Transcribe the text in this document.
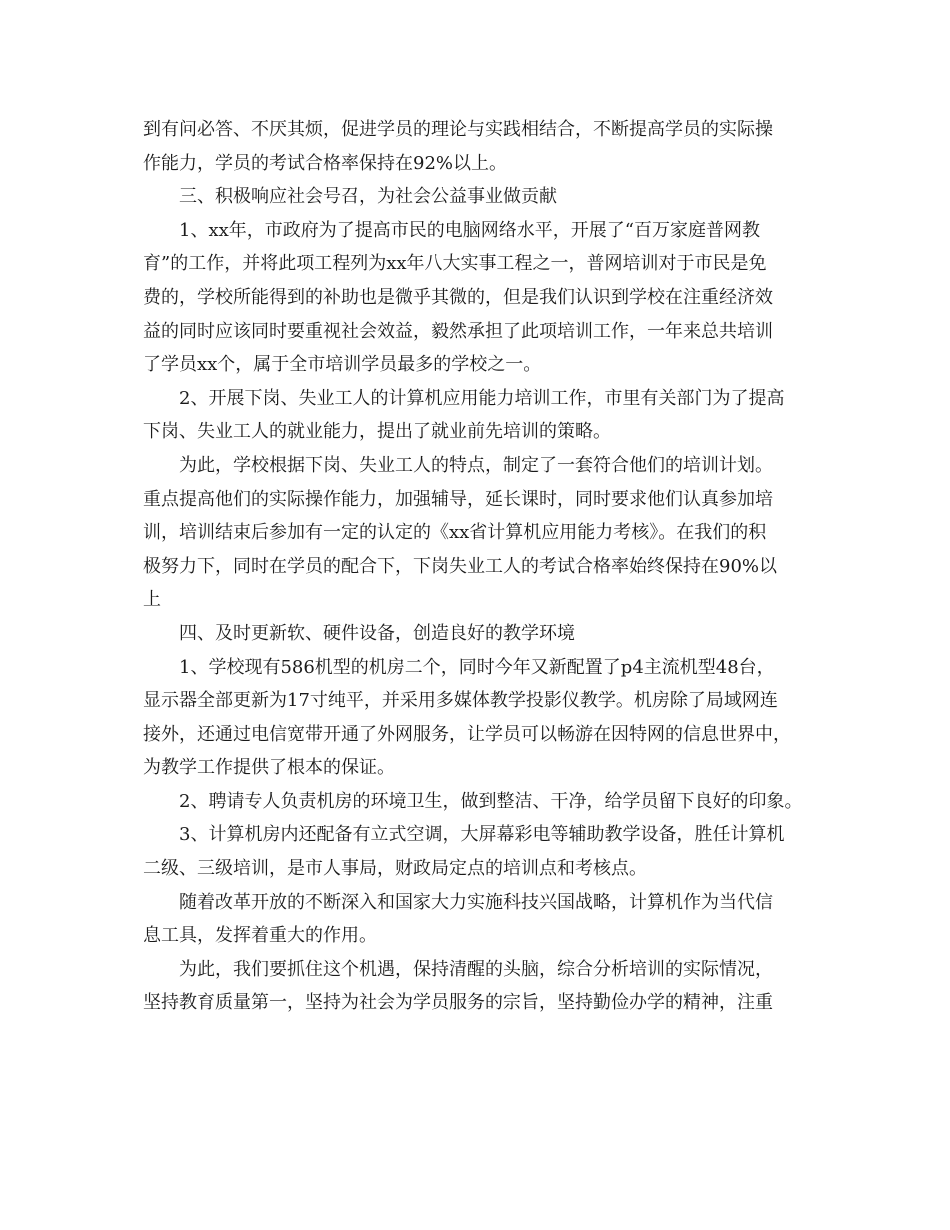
到有问必答、不厌其烦，促进学员的理论与实践相结合，不断提高学员的实际操
作能力，学员的考试合格率保持在92%以上。
　　三、积极响应社会号召，为社会公益事业做贡献
　　1、xx年，市政府为了提高市民的电脑网络水平，开展了“百万家庭普网教
育”的工作，并将此项工程列为xx年八大实事工程之一，普网培训对于市民是免
费的，学校所能得到的补助也是微乎其微的，但是我们认识到学校在注重经济效
益的同时应该同时要重视社会效益，毅然承担了此项培训工作，一年来总共培训
了学员xx个，属于全市培训学员最多的学校之一。
　　2、开展下岗、失业工人的计算机应用能力培训工作，市里有关部门为了提高
下岗、失业工人的就业能力，提出了就业前先培训的策略。
　　为此，学校根据下岗、失业工人的特点，制定了一套符合他们的培训计划。
重点提高他们的实际操作能力，加强辅导，延长课时，同时要求他们认真参加培
训，培训结束后参加有一定的认定的《xx省计算机应用能力考核》。在我们的积
极努力下，同时在学员的配合下，下岗失业工人的考试合格率始终保持在90%以
上
　　四、及时更新软、硬件设备，创造良好的教学环境
　　1、学校现有586机型的机房二个，同时今年又新配置了p4主流机型48台，
显示器全部更新为17寸纯平，并采用多媒体教学投影仪教学。机房除了局域网连
接外，还通过电信宽带开通了外网服务，让学员可以畅游在因特网的信息世界中，
为教学工作提供了根本的保证。
　　2、聘请专人负责机房的环境卫生，做到整洁、干净，给学员留下良好的印象。
　　3、计算机房内还配备有立式空调，大屏幕彩电等辅助教学设备，胜任计算机
二级、三级培训，是市人事局，财政局定点的培训点和考核点。
　　随着改革开放的不断深入和国家大力实施科技兴国战略，计算机作为当代信
息工具，发挥着重大的作用。
　　为此，我们要抓住这个机遇，保持清醒的头脑，综合分析培训的实际情况，
坚持教育质量第一，坚持为社会为学员服务的宗旨，坚持勤俭办学的精神，注重
